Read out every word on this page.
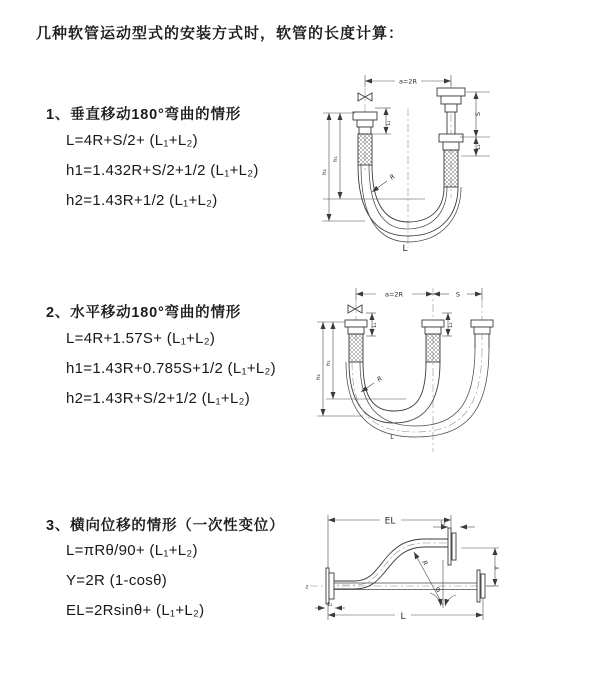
几种软管运动型式的安装方式时，软管的长度计算：
1、垂直移动180°弯曲的情形
L=4R+S/2+ (L₁+L₂)
h1=1.432R+S/2+1/2 (L₁+L₂)
h2=1.43R+1/2 (L₁+L₂)
a=2R
L₁
S
L₂
h₁
h₂
R
L
2、水平移动180°弯曲的情形
L=4R+1.57S+ (L₁+L₂)
h1=1.43R+0.785S+1/2 (L₁+L₂)
h2=1.43R+S/2+1/2 (L₁+L₂)
a=2R	S
L₁	L₂
h₁
h₂	R
L
3、横向位移的情形（一次性变位）
L=πRθ/90+ (L₁+L₂)
Y=2R (1-cosθ)
EL=2Rsinθ+ (L₁+L₂)
z
EL	L₂
Y
R
θ
L
L₁
